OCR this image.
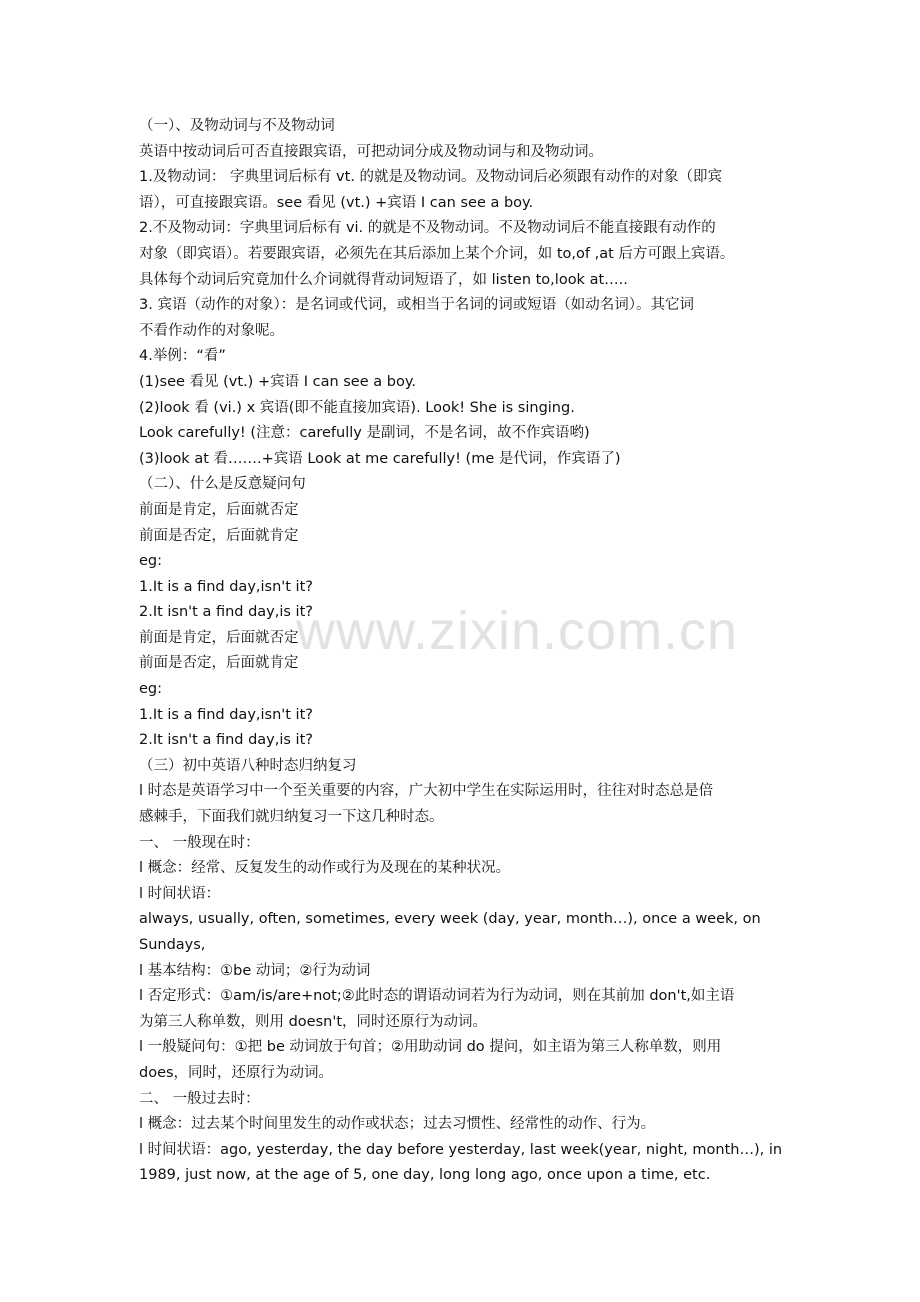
www.zixin.com.cn
（一）、及物动词与不及物动词
英语中按动词后可否直接跟宾语，可把动词分成及物动词与和及物动词。
1.及物动词： 字典里词后标有 vt. 的就是及物动词。及物动词后必须跟有动作的对象（即宾
语），可直接跟宾语。see 看见 (vt.) +宾语 I can see a boy.
2.不及物动词：字典里词后标有 vi. 的就是不及物动词。不及物动词后不能直接跟有动作的
对象（即宾语）。若要跟宾语，必须先在其后添加上某个介词，如 to,of ,at 后方可跟上宾语。
具体每个动词后究竟加什么介词就得背动词短语了，如 listen to,look at…..
3. 宾语（动作的对象）：是名词或代词，或相当于名词的词或短语（如动名词）。其它词
不看作动作的对象呢。
4.举例：“看”
(1)see 看见 (vt.) +宾语 I can see a boy.
(2)look 看 (vi.) x 宾语(即不能直接加宾语). Look! She is singing.
Look carefully! (注意：carefully 是副词，不是名词，故不作宾语哟)
(3)look at 看…….+宾语 Look at me carefully! (me 是代词，作宾语了)
（二）、什么是反意疑问句
前面是肯定，后面就否定
前面是否定，后面就肯定
eg:
1.It is a find day,isn't it?
2.It isn't a find day,is it?
前面是肯定，后面就否定
前面是否定，后面就肯定
eg:
1.It is a find day,isn't it?
2.It isn't a find day,is it?
（三）初中英语八种时态归纳复习
l 时态是英语学习中一个至关重要的内容，广大初中学生在实际运用时，往往对时态总是倍
感棘手，下面我们就归纳复习一下这几种时态。
一、 一般现在时：
l 概念：经常、反复发生的动作或行为及现在的某种状况。
l 时间状语：
always, usually, often, sometimes, every week (day, year, month…), once a week, on
Sundays,
l 基本结构：①be 动词；②行为动词
l 否定形式：①am/is/are+not;②此时态的谓语动词若为行为动词，则在其前加 don't,如主语
为第三人称单数，则用 doesn't，同时还原行为动词。
l 一般疑问句：①把 be 动词放于句首；②用助动词 do 提问，如主语为第三人称单数，则用
does，同时，还原行为动词。
二、 一般过去时：
l 概念：过去某个时间里发生的动作或状态；过去习惯性、经常性的动作、行为。
l 时间状语：ago, yesterday, the day before yesterday, last week(year, night, month…), in
1989, just now, at the age of 5, one day, long long ago, once upon a time, etc.
